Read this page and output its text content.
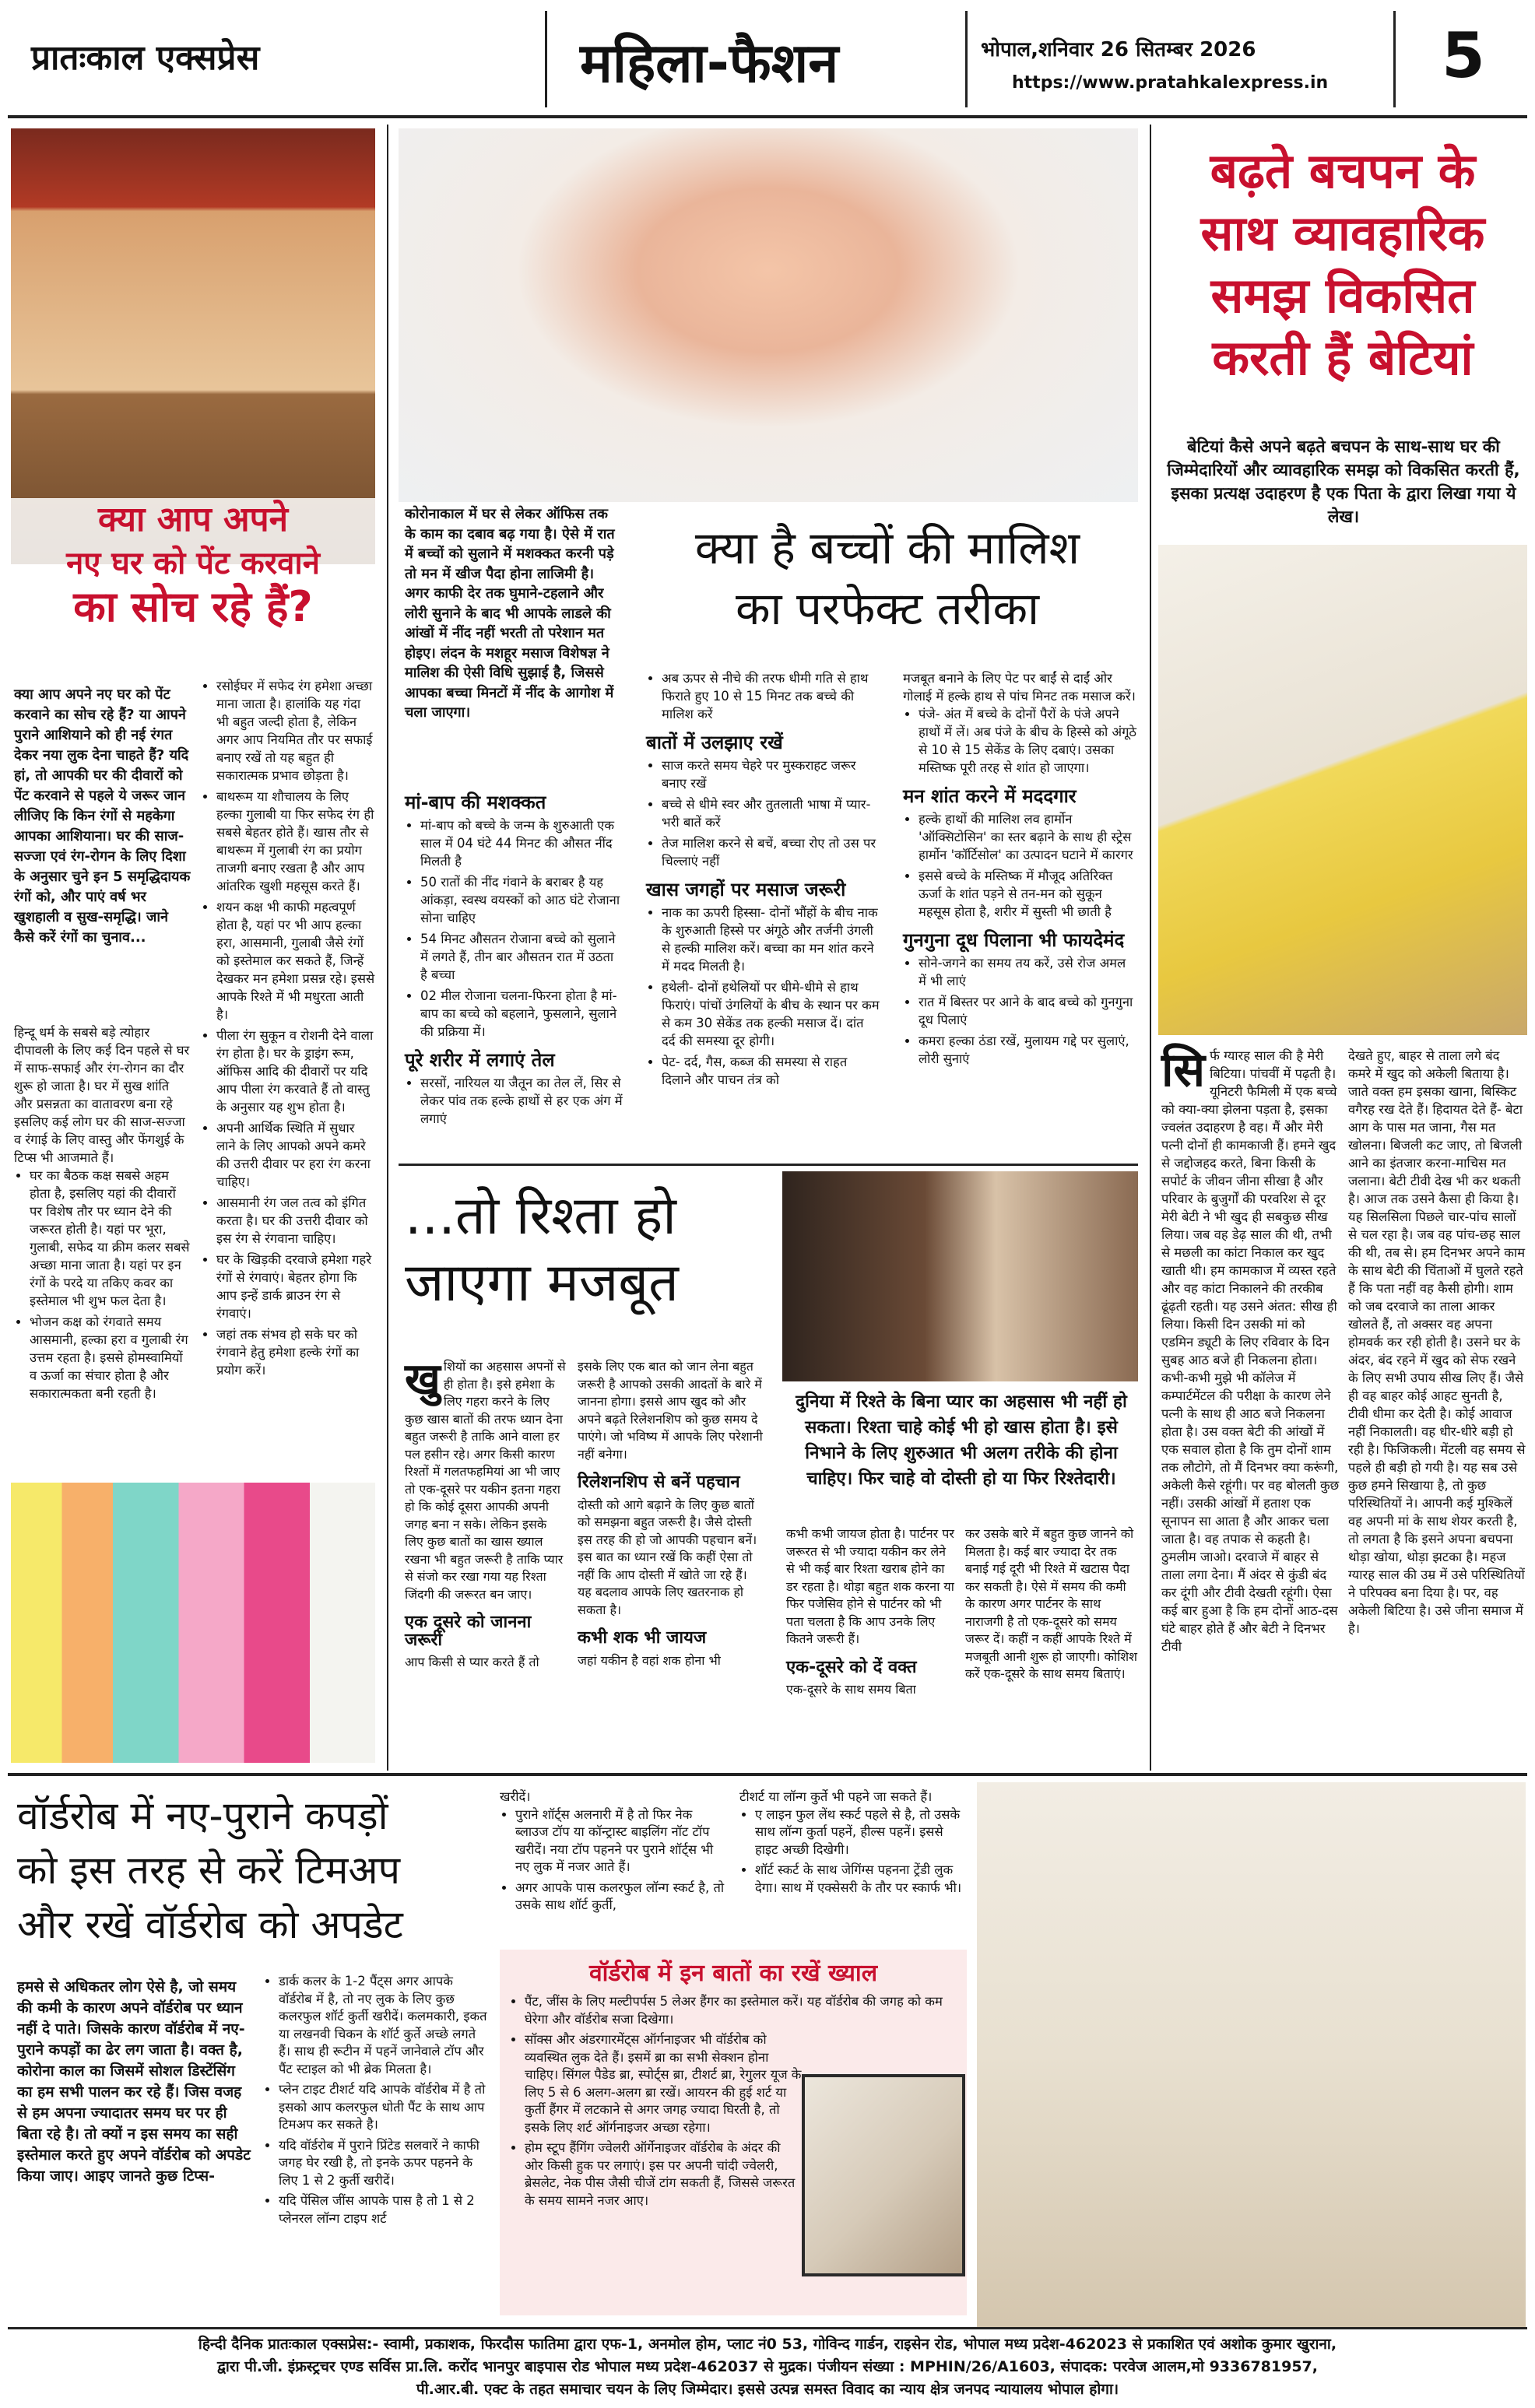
प्रातःकाल एक्सप्रेस	महिला-फैशन	भोपाल,शनिवार 26 सितम्बर 2026
https://www.pratahkalexpress.in	5
क्या आप अपने
नए घर को पेंट करवाने
का सोच रहे हैं?
क्या आप अपने नए घर को पेंट करवाने का सोच रहे हैं? या आपने पुराने आशियाने को ही नई रंगत देकर नया लुक देना चाहते हैं? यदि हां, तो आपकी घर की दीवारों को पेंट करवाने से पहले ये जरूर जान लीजिए कि किन रंगों से महकेगा आपका आशियाना। घर की साज-सज्जा एवं रंग-रोगन के लिए दिशा के अनुसार चुने इन 5 समृद्धिदायक रंगों को, और पाएं वर्ष भर खुशहाली व सुख-समृद्धि। जाने कैसे करें रंगों का चुनाव...

हिन्दू धर्म के सबसे बड़े त्योहार दीपावली के लिए कई दिन पहले से घर में साफ-सफाई और रंग-रोगन का दौर शुरू हो जाता है। घर में सुख शांति और प्रसन्नता का वातावरण बना रहे इसलिए कई लोग घर की साज-सज्जा व रंगाई के लिए वास्तु और फेंगशुई के टिप्स भी आजमाते हैं।

• घर का बैठक कक्ष सबसे अहम होता है, इसलिए यहां की दीवारों पर विशेष तौर पर ध्यान देने की जरूरत होती है। यहां पर भूरा, गुलाबी, सफेद या क्रीम कलर सबसे अच्छा माना जाता है। यहां पर इन रंगों के परदे या तकिए कवर का इस्तेमाल भी शुभ फल देता है।
• भोजन कक्ष को रंगवाते समय आसमानी, हल्का हरा व गुलाबी रंग उत्तम रहता है। इससे होमस्वामियों व ऊर्जा का संचार होता है और सकारात्मकता बनी रहती है।
• रसोईघर में सफेद रंग हमेशा अच्छा माना जाता है। हालांकि यह गंदा भी बहुत जल्दी होता है, लेकिन अगर आप नियमित तौर पर सफाई बनाए रखें तो यह बहुत ही सकारात्मक प्रभाव छोड़ता है।
• बाथरूम या शौचालय के लिए हल्का गुलाबी या फिर सफेद रंग ही सबसे बेहतर होते हैं। खास तौर से बाथरूम में गुलाबी रंग का प्रयोग ताजगी बनाए रखता है और आप आंतरिक खुशी महसूस करते हैं।
• शयन कक्ष भी काफी महत्वपूर्ण होता है, यहां पर भी आप हल्का हरा, आसमानी, गुलाबी जैसे रंगों को इस्तेमाल कर सकते हैं, जिन्हें देखकर मन हमेशा प्रसन्न रहे। इससे आपके रिश्ते में भी मधुरता आती है।
• पीला रंग सुकून व रोशनी देने वाला रंग होता है। घर के ड्राइंग रूम, ऑफिस आदि की दीवारों पर यदि आप पीला रंग करवाते हैं तो वास्तु के अनुसार यह शुभ होता है।
• अपनी आर्थिक स्थिति में सुधार लाने के लिए आपको अपने कमरे की उत्तरी दीवार पर हरा रंग करना चाहिए।
• आसमानी रंग जल तत्व को इंगित करता है। घर की उत्तरी दीवार को इस रंग से रंगवाना चाहिए।
• घर के खिड़की दरवाजे हमेशा गहरे रंगों से रंगवाएं। बेहतर होगा कि आप इन्हें डार्क ब्राउन रंग से रंगवाएं।
• जहां तक संभव हो सके घर को रंगवाने हेतु हमेशा हल्के रंगों का प्रयोग करें।
कोरोनाकाल में घर से लेकर ऑफिस तक के काम का दबाव बढ़ गया है। ऐसे में रात में बच्चों को सुलाने में मशक्कत करनी पड़े तो मन में खीज पैदा होना लाजिमी है। अगर काफी देर तक घुमाने-टहलाने और लोरी सुनाने के बाद भी आपके लाडले की आंखों में नींद नहीं भरती तो परेशान मत होइए। लंदन के मशहूर मसाज विशेषज्ञ ने मालिश की ऐसी विधि सुझाई है, जिससे आपका बच्चा मिनटों में नींद के आगोश में चला जाएगा।
क्या है बच्चों की मालिश
का परफेक्ट तरीका
मां-बाप की मशक्कत
• मां-बाप को बच्चे के जन्म के शुरुआती एक साल में 04 घंटे 44 मिनट की औसत नींद मिलती है
• 50 रातों की नींद गंवाने के बराबर है यह आंकड़ा, स्वस्थ वयस्कों को आठ घंटे रोजाना सोना चाहिए
• 54 मिनट औसतन रोजाना बच्चे को सुलाने में लगते हैं, तीन बार औसतन रात में उठता है बच्चा
• 02 मील रोजाना चलना-फिरना होता है मां-बाप का बच्चे को बहलाने, फुसलाने, सुलाने की प्रक्रिया में।
पूरे शरीर में लगाएं तेल
• सरसों, नारियल या जैतून का तेल लें, सिर से लेकर पांव तक हल्के हाथों से हर एक अंग में लगाएं
• अब ऊपर से नीचे की तरफ धीमी गति से हाथ फिराते हुए 10 से 15 मिनट तक बच्चे की मालिश करें
बातों में उलझाए रखें
• साज करते समय चेहरे पर मुस्कराहट जरूर बनाए रखें
• बच्चे से धीमे स्वर और तुतलाती भाषा में प्यार-भरी बातें करें
• तेज मालिश करने से बचें, बच्चा रोए तो उस पर चिल्लाएं नहीं
खास जगहों पर मसाज जरूरी
• नाक का ऊपरी हिस्सा- दोनों भौंहों के बीच नाक के शुरुआती हिस्से पर अंगूठे और तर्जनी उंगली से हल्की मालिश करें। बच्चा का मन शांत करने में मदद मिलती है।
• हथेली- दोनों हथेलियों पर धीमे-धीमे से हाथ फिराएं। पांचों उंगलियों के बीच के स्थान पर कम से कम 30 सेकेंड तक हल्की मसाज दें। दांत दर्द की समस्या दूर होगी।
• पेट- दर्द, गैस, कब्ज की समस्या से राहत दिलाने और पाचन तंत्र को

मजबूत बनाने के लिए पेट पर बाईं से दाईं ओर गोलाई में हल्के हाथ से पांच मिनट तक मसाज करें।

• पंजे- अंत में बच्चे के दोनों पैरों के पंजे अपने हाथों में लें। अब पंजे के बीच के हिस्से को अंगूठे से 10 से 15 सेकेंड के लिए दबाएं। उसका मस्तिष्क पूरी तरह से शांत हो जाएगा।
मन शांत करने में मददगार
• हल्के हाथों की मालिश लव हार्मोन 'ऑक्सिटोसिन' का स्तर बढ़ाने के साथ ही स्ट्रेस हार्मोन 'कॉर्टिसोल' का उत्पादन घटाने में कारगर
• इससे बच्चे के मस्तिष्क में मौजूद अतिरिक्त ऊर्जा के शांत पड़ने से तन-मन को सुकून महसूस होता है, शरीर में सुस्ती भी छाती है
गुनगुना दूध पिलाना भी फायदेमंद
• सोने-जगने का समय तय करें, उसे रोज अमल में भी लाएं
• रात में बिस्तर पर आने के बाद बच्चे को गुनगुना दूध पिलाएं
• कमरा हल्का ठंडा रखें, मुलायम गद्दे पर सुलाएं, लोरी सुनाएं
बढ़ते बचपन के
साथ व्यावहारिक
समझ विकसित
करती हैं बेटियां
बेटियां कैसे अपने बढ़ते बचपन के साथ-साथ घर की जिम्मेदारियों और व्यावहारिक समझ को विकसित करती हैं, इसका प्रत्यक्ष उदाहरण है एक पिता के द्वारा लिखा गया ये लेख।
सि र्फ ग्यारह साल की है मेरी बिटिया। पांचवीं में पढ़ती है। यूनिटरी फैमिली में एक बच्चे को क्या-क्या झेलना पड़ता है, इसका ज्वलंत उदाहरण है वह। मैं और मेरी पत्नी दोनों ही कामकाजी हैं। हमने खुद से जद्दोजहद करते, बिना किसी के सपोर्ट के जीवन जीना सीखा है और परिवार के बुजुर्गों की परवरिश से दूर मेरी बेटी ने भी खुद ही सबकुछ सीख लिया। जब वह डेढ़ साल की थी, तभी से मछली का कांटा निकाल कर खुद खाती थी। हम कामकाज में व्यस्त रहते और वह कांटा निकालने की तरकीब ढूंढ़ती रहती। यह उसने अंतत: सीख ही लिया। किसी दिन उसकी मां को एडमिन ड्यूटी के लिए रविवार के दिन सुबह आठ बजे ही निकलना होता। कभी-कभी मुझे भी कॉलेज में कम्पार्टमेंटल की परीक्षा के कारण लेने पत्नी के साथ ही आठ बजे निकलना होता है। उस वक्त बेटी की आंखों में एक सवाल होता है कि तुम दोनों शाम तक लौटोगे, तो मैं दिनभर क्या करूंगी, अकेली कैसे रहूंगी। पर वह बोलती कुछ नहीं। उसकी आंखों में हताश एक सूनापन सा आता है और आकर चला जाता है। वह तपाक से कहती है। ठुमलीम जाओ। दरवाजे में बाहर से ताला लगा देना। मैं अंदर से कुंडी बंद कर दूंगी और टीवी देखती रहूंगी। ऐसा कई बार हुआ है कि हम दोनों आठ-दस घंटे बाहर होते हैं और बेटी ने दिनभर टीवी
देखते हुए, बाहर से ताला लगे बंद कमरे में खुद को अकेली बिताया है। जाते वक्त हम इसका खाना, बिस्किट वगैरह रख देते हैं। हिदायत देते हैं- बेटा आग के पास मत जाना, गैस मत खोलना। बिजली कट जाए, तो बिजली आने का इंतजार करना-माचिस मत जलाना। बेटी टीवी देख भी कर थकती है। आज तक उसने कैसा ही किया है। यह सिलसिला पिछले चार-पांच सालों से चल रहा है। जब वह पांच-छह साल की थी, तब से। हम दिनभर अपने काम के साथ बेटी की चिंताओं में घुलते रहते हैं कि पता नहीं वह कैसी होगी। शाम को जब दरवाजे का ताला आकर खोलते हैं, तो अक्सर वह अपना होमवर्क कर रही होती है। उसने घर के अंदर, बंद रहने में खुद को सेफ रखने के लिए सभी उपाय सीख लिए हैं। जैसे ही वह बाहर कोई आहट सुनती है, टीवी धीमा कर देती है। कोई आवाज नहीं निकालती। वह धीर-धीरे बड़ी हो रही है। फिजिकली। मेंटली वह समय से पहले ही बड़ी हो गयी है। यह सब उसे कुछ हमने सिखाया है, तो कुछ परिस्थितियों ने। आपनी कई मुश्किलें वह अपनी मां के साथ शेयर करती है, तो लगता है कि इसने अपना बचपना थोड़ा खोया, थोड़ा झटका है। महज ग्यारह साल की उम्र में उसे परिस्थितियों ने परिपक्व बना दिया है। पर, वह अकेली बिटिया है। उसे जीना समाज में है।
...तो रिश्ता हो
जाएगा मजबूत
दुनिया में रिश्ते के बिना प्यार का अहसास भी नहीं हो सकता। रिश्ता चाहे कोई भी हो खास होता है। इसे निभाने के लिए शुरुआत भी अलग तरीके की होना चाहिए। फिर चाहे वो दोस्ती हो या फिर रिश्तेदारी।
खु शियों का अहसास अपनों से ही होता है। इसे हमेशा के लिए गहरा करने के लिए कुछ खास बातों की तरफ ध्यान देना बहुत जरूरी है ताकि आने वाला हर पल हसीन रहे। अगर किसी कारण रिश्तों में गलतफहमियां आ भी जाए तो एक-दूसरे पर यकीन इतना गहरा हो कि कोई दूसरा आपकी अपनी जगह बना न सके। लेकिन इसके लिए कुछ बातों का खास ख्याल रखना भी बहुत जरूरी है ताकि प्यार से संजो कर रखा गया यह रिश्ता जिंदगी की जरूरत बन जाए।
एक दूसरे को जानना जरूरी
आप किसी से प्यार करते हैं तो

इसके लिए एक बात को जान लेना बहुत जरूरी है आपको उसकी आदतों के बारे में जानना होगा। इससे आप खुद को और अपने बढ़ते रिलेशनशिप को कुछ समय दे पाएंगे। जो भविष्य में आपके लिए परेशानी नहीं बनेगा।

रिलेशनशिप से बनें पहचान

दोस्ती को आगे बढ़ाने के लिए कुछ बातों को समझना बहुत जरूरी है। जैसे दोस्ती इस तरह की हो जो आपकी पहचान बनें। इस बात का ध्यान रखें कि कहीं ऐसा तो नहीं कि आप दोस्ती में खोते जा रहे हैं। यह बदलाव आपके लिए खतरनाक हो सकता है।

कभी शक भी जायज
जहां यकीन है वहां शक होना भी

कभी कभी जायज होता है। पार्टनर पर जरूरत से भी ज्यादा यकीन कर लेने से भी कई बार रिश्ता खराब होने का डर रहता है। थोड़ा बहुत शक करना या फिर पजेसिव होने से पार्टनर को भी पता चलता है कि आप उनके लिए कितने जरूरी हैं।

एक-दूसरे को दें वक्त
एक-दूसरे के साथ समय बिता
कर उसके बारे में बहुत कुछ जानने को मिलता है। कई बार ज्यादा देर तक बनाई गई दूरी भी रिश्ते में खटास पैदा कर सकती है। ऐसे में समय की कमी के कारण अगर पार्टनर के साथ नाराजगी है तो एक-दूसरे को समय जरूर दें। कहीं न कहीं आपके रिश्ते में मजबूती आनी शुरू हो जाएगी। कोशिश करें एक-दूसरे के साथ समय बिताएं।
वॉर्डरोब में नए-पुराने कपड़ों
को इस तरह से करें टिमअप
और रखें वॉर्डरोब को अपडेट
हमसे से अधिकतर लोग ऐसे है, जो समय की कमी के कारण अपने वॉर्डरोब पर ध्यान नहीं दे पाते। जिसके कारण वॉर्डरोब में नए-पुराने कपड़ों का ढेर लग जाता है। वक्त है, कोरोना काल का जिसमें सोशल डिस्टेंसिंग का हम सभी पालन कर रहे हैं। जिस वजह से हम अपना ज्यादातर समय घर पर ही बिता रहे है। तो क्यों न इस समय का सही इस्तेमाल करते हुए अपने वॉर्डरोब को अपडेट किया जाए। आइए जानते कुछ टिप्स-
• डार्क कलर के 1-2 पैंट्स अगर आपके वॉर्डरोब में है, तो नए लुक के लिए कुछ कलरफुल शॉर्ट कुर्ती खरीदें। कलमकारी, इकत या लखनवी चिकन के शॉर्ट कुर्ते अच्छे लगते हैं। साथ ही रूटीन में पहनें जानेवाले टॉप और पैंट स्टाइल को भी ब्रेक मिलता है।
• प्लेन टाइट टीशर्ट यदि आपके वॉर्डरोब में है तो इसको आप कलरफुल धोती पैंट के साथ आप टिमअप कर सकते है।
• यदि वॉर्डरोब में पुराने प्रिंटेड सलवारें ने काफी जगह घेर रखी है, तो इनके ऊपर पहनने के लिए 1 से 2 कुर्ती खरीदें।
• यदि पेंसिल जींस आपके पास है तो 1 से 2 प्लेनरल लॉन्ग टाइप शर्ट

खरीदें।

• पुराने शॉर्ट्स अलनारी में है तो फिर नेक ब्लाउज टॉप या कॉन्ट्रास्ट बाइलिंग नॉट टॉप खरीदें। नया टॉप पहनने पर पुराने शॉर्ट्स भी नए लुक में नजर आते हैं।
• अगर आपके पास कलरफुल लॉन्ग स्कर्ट है, तो उसके साथ शॉर्ट कुर्ती,

टीशर्ट या लॉन्ग कुर्ते भी पहने जा सकते हैं।

• ए लाइन फुल लेंथ स्कर्ट पहले से है, तो उसके साथ लॉन्ग कुर्ता पहनें, हील्स पहनें। इससे हाइट अच्छी दिखेगी।
• शॉर्ट स्कर्ट के साथ जेगिंग्स पहनना ट्रेंडी लुक देगा। साथ में एक्सेसरी के तौर पर स्कार्फ भी।
वॉर्डरोब में इन बातों का रखें ख्याल
• पैंट, जींस के लिए मल्टीपर्पस 5 लेअर हैंगर का इस्तेमाल करें। यह वॉर्डरोब की जगह को कम घेरेगा और वॉर्डरोब सजा दिखेगा।
• सॉक्स और अंडरगारमेंट्स ऑर्गनाइजर भी वॉर्डरोब को व्यवस्थित लुक देते हैं। इसमें ब्रा का सभी सेक्शन होना चाहिए। सिंगल पैडेड ब्रा, स्पोर्ट्स ब्रा, टीशर्ट ब्रा, रेगुलर यूज के लिए 5 से 6 अलग-अलग ब्रा रखें। आयरन की हुई शर्ट या कुर्ती हैंगर में लटकाने से अगर जगह ज्यादा घिरती है, तो इसके लिए शर्ट ऑर्गनाइजर अच्छा रहेगा।
• होम स्टूप हैंगिंग ज्वेलरी ऑर्गेनाइजर वॉर्डरोब के अंदर की ओर किसी हुक पर लगाएं। इस पर अपनी चांदी ज्वेलरी, ब्रेसलेट, नेक पीस जैसी चीजें टांग सकती हैं, जिससे जरूरत के समय सामने नजर आए।
हिन्दी दैनिक प्रातःकाल एक्सप्रेस:- स्वामी, प्रकाशक, फिरदौस फातिमा द्वारा एफ-1, अनमोल होम, प्लाट नं0 53, गोविन्द गार्डन, राइसेन रोड, भोपाल मध्य प्रदेश-462023 से प्रकाशित एवं अशोक कुमार खुराना,
द्वारा पी.जी. इंफ्रस्ट्रचर एण्ड सर्विस प्रा.लि. करोंद भानपुर बाइपास रोड भोपाल मध्य प्रदेश-462037 से मुद्रक। पंजीयन संख्या : MPHIN/26/A1603, संपादक: परवेज आलम,मो 9336781957,
पी.आर.बी. एक्ट के तहत समाचार चयन के लिए जिम्मेदार। इससे उत्पन्न समस्त विवाद का न्याय क्षेत्र जनपद न्यायालय भोपाल होगा।
